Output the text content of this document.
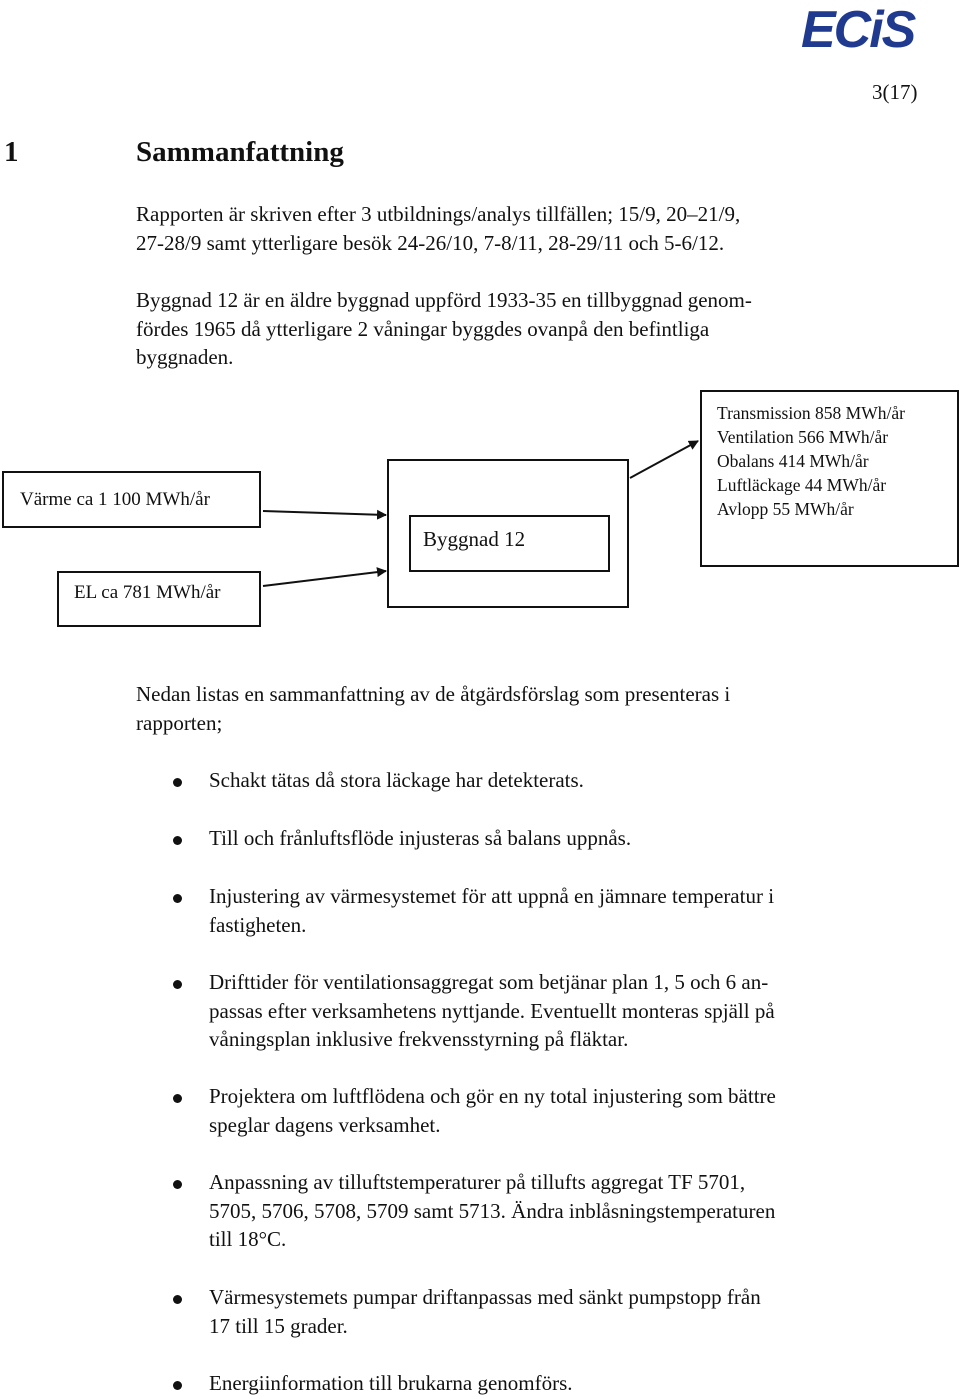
ECiS
3(17)
1	Sammanfattning
Rapporten är skriven efter 3 utbildnings/analys tillfällen; 15/9, 20–21/9,
27-28/9 samt ytterligare besök 24-26/10, 7-8/11, 28-29/11 och 5-6/12.
Byggnad 12 är en äldre byggnad uppförd 1933-35 en tillbyggnad genom-
fördes 1965 då ytterligare 2 våningar byggdes ovanpå den befintliga
byggnaden.
Värme ca 1 100 MWh/år
EL ca 781 MWh/år
Byggnad 12
Transmission 858 MWh/år
Ventilation 566 MWh/år
Obalans 414 MWh/år
Luftläckage 44 MWh/år
Avlopp 55 MWh/år
Nedan listas en sammanfattning av de åtgärdsförslag som presenteras i
rapporten;
Schakt tätas då stora läckage har detekterats.
Till och frånluftsflöde injusteras så balans uppnås.
Injustering av värmesystemet för att uppnå en jämnare temperatur i
fastigheten.
Drifttider för ventilationsaggregat som betjänar plan 1, 5 och 6 an-
passas efter verksamhetens nyttjande. Eventuellt monteras spjäll på
våningsplan inklusive frekvensstyrning på fläktar.
Projektera om luftflödena och gör en ny total injustering som bättre
speglar dagens verksamhet.
Anpassning av tilluftstemperaturer på tillufts aggregat TF 5701,
5705, 5706, 5708, 5709 samt 5713. Ändra inblåsningstemperaturen
till 18°C.
Värmesystemets pumpar driftanpassas med sänkt pumpstopp från
17 till 15 grader.
Energiinformation till brukarna genomförs.
